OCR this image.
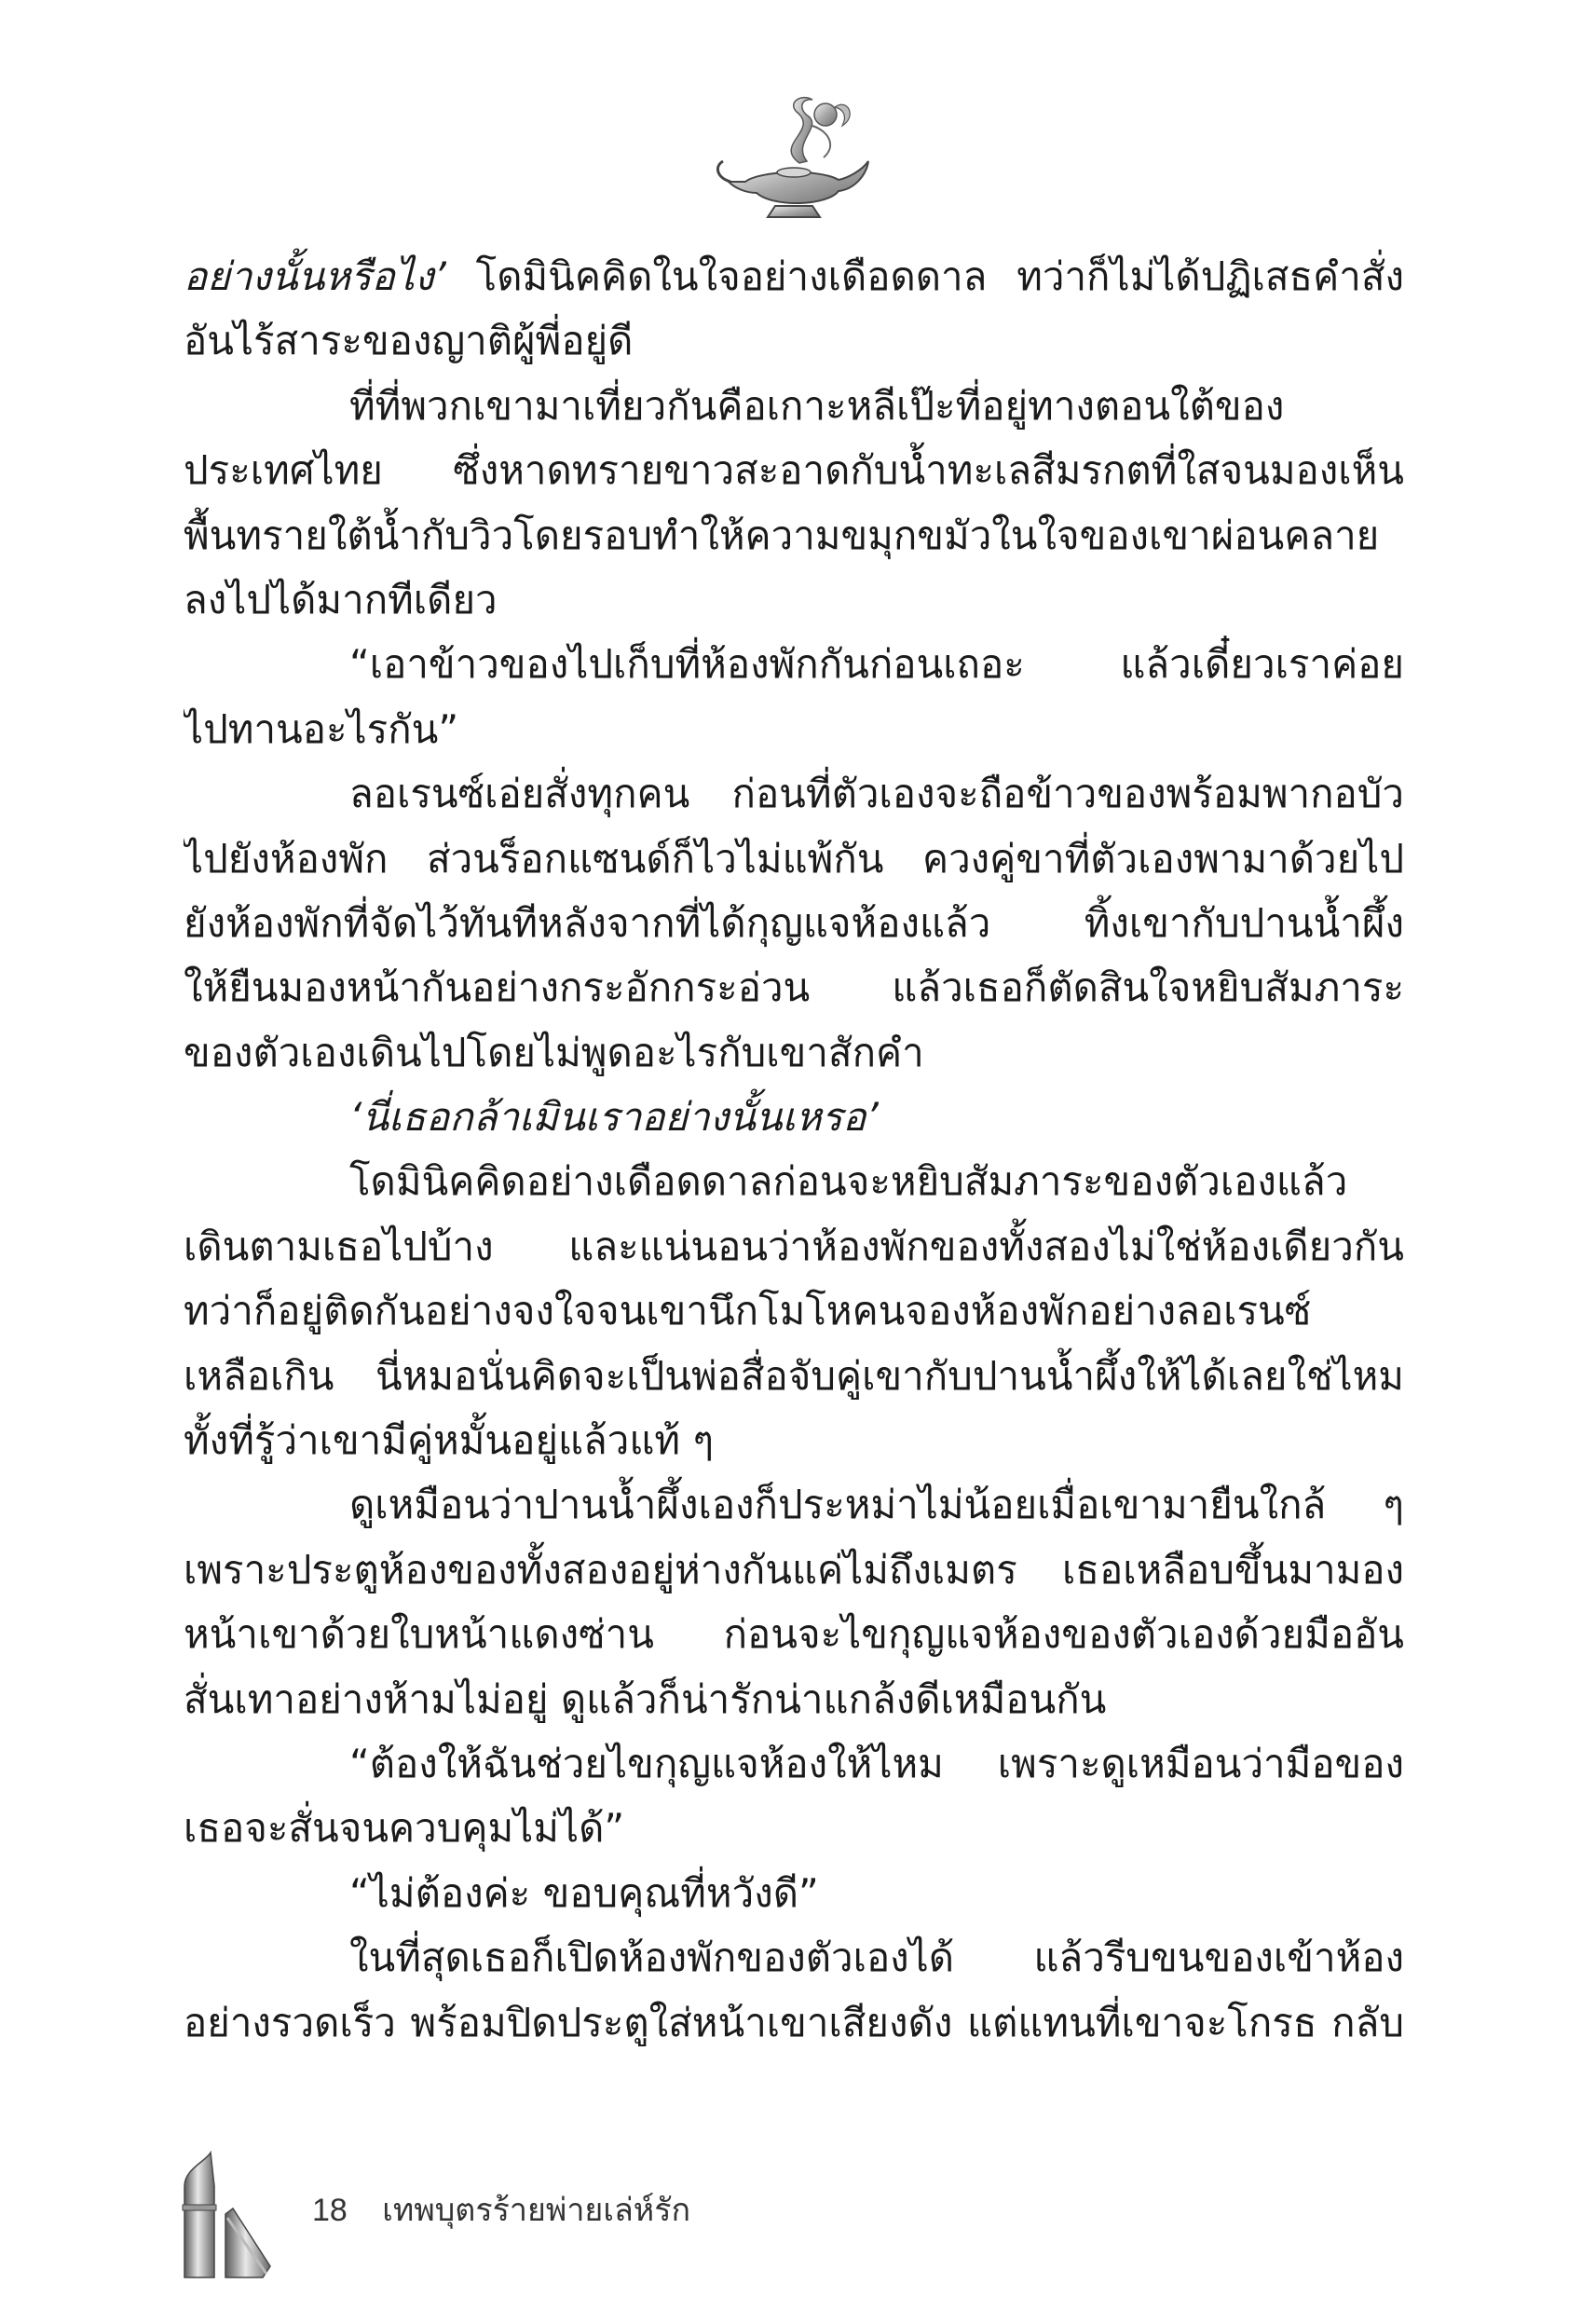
อย่างนั้นหรือไง’ โดมินิคคิดในใจอย่างเดือดดาล ทว่าก็ไม่ได้ปฏิเสธคำสั่ง
อันไร้สาระของญาติผู้พี่อยู่ดี
ที่ที่พวกเขามาเที่ยวกันคือเกาะหลีเป๊ะที่อยู่ทางตอนใต้ของ
ประเทศไทย ซึ่งหาดทรายขาวสะอาดกับน้ำทะเลสีมรกตที่ใสจนมองเห็น
พื้นทรายใต้น้ำกับวิวโดยรอบทำให้ความขมุกขมัวในใจของเขาผ่อนคลาย
ลงไปได้มากทีเดียว
“เอาข้าวของไปเก็บที่ห้องพักกันก่อนเถอะ แล้วเดี๋ยวเราค่อย
ไปทานอะไรกัน”
ลอเรนซ์เอ่ยสั่งทุกคน ก่อนที่ตัวเองจะถือข้าวของพร้อมพากอบัว
ไปยังห้องพัก ส่วนร็อกแซนด์ก็ไวไม่แพ้กัน ควงคู่ขาที่ตัวเองพามาด้วยไป
ยังห้องพักที่จัดไว้ทันทีหลังจากที่ได้กุญแจห้องแล้ว ทิ้งเขากับปานน้ำผึ้ง
ให้ยืนมองหน้ากันอย่างกระอักกระอ่วน แล้วเธอก็ตัดสินใจหยิบสัมภาระ
ของตัวเองเดินไปโดยไม่พูดอะไรกับเขาสักคำ
‘นี่เธอกล้าเมินเราอย่างนั้นเหรอ’
โดมินิคคิดอย่างเดือดดาลก่อนจะหยิบสัมภาระของตัวเองแล้ว
เดินตามเธอไปบ้าง และแน่นอนว่าห้องพักของทั้งสองไม่ใช่ห้องเดียวกัน
ทว่าก็อยู่ติดกันอย่างจงใจจนเขานึกโมโหคนจองห้องพักอย่างลอเรนซ์
เหลือเกิน นี่หมอนั่นคิดจะเป็นพ่อสื่อจับคู่เขากับปานน้ำผึ้งให้ได้เลยใช่ไหม
ทั้งที่รู้ว่าเขามีคู่หมั้นอยู่แล้วแท้ ๆ
ดูเหมือนว่าปานน้ำผึ้งเองก็ประหม่าไม่น้อยเมื่อเขามายืนใกล้ ๆ
เพราะประตูห้องของทั้งสองอยู่ห่างกันแค่ไม่ถึงเมตร เธอเหลือบขึ้นมามอง
หน้าเขาด้วยใบหน้าแดงซ่าน ก่อนจะไขกุญแจห้องของตัวเองด้วยมืออัน
สั่นเทาอย่างห้ามไม่อยู่ ดูแล้วก็น่ารักน่าแกล้งดีเหมือนกัน
“ต้องให้ฉันช่วยไขกุญแจห้องให้ไหม เพราะดูเหมือนว่ามือของ
เธอจะสั่นจนควบคุมไม่ได้”
“ไม่ต้องค่ะ ขอบคุณที่หวังดี”
ในที่สุดเธอก็เปิดห้องพักของตัวเองได้ แล้วรีบขนของเข้าห้อง
อย่างรวดเร็ว พร้อมปิดประตูใส่หน้าเขาเสียงดัง แต่แทนที่เขาจะโกรธ กลับ
18 เทพบุตรร้ายพ่ายเล่ห์รัก
